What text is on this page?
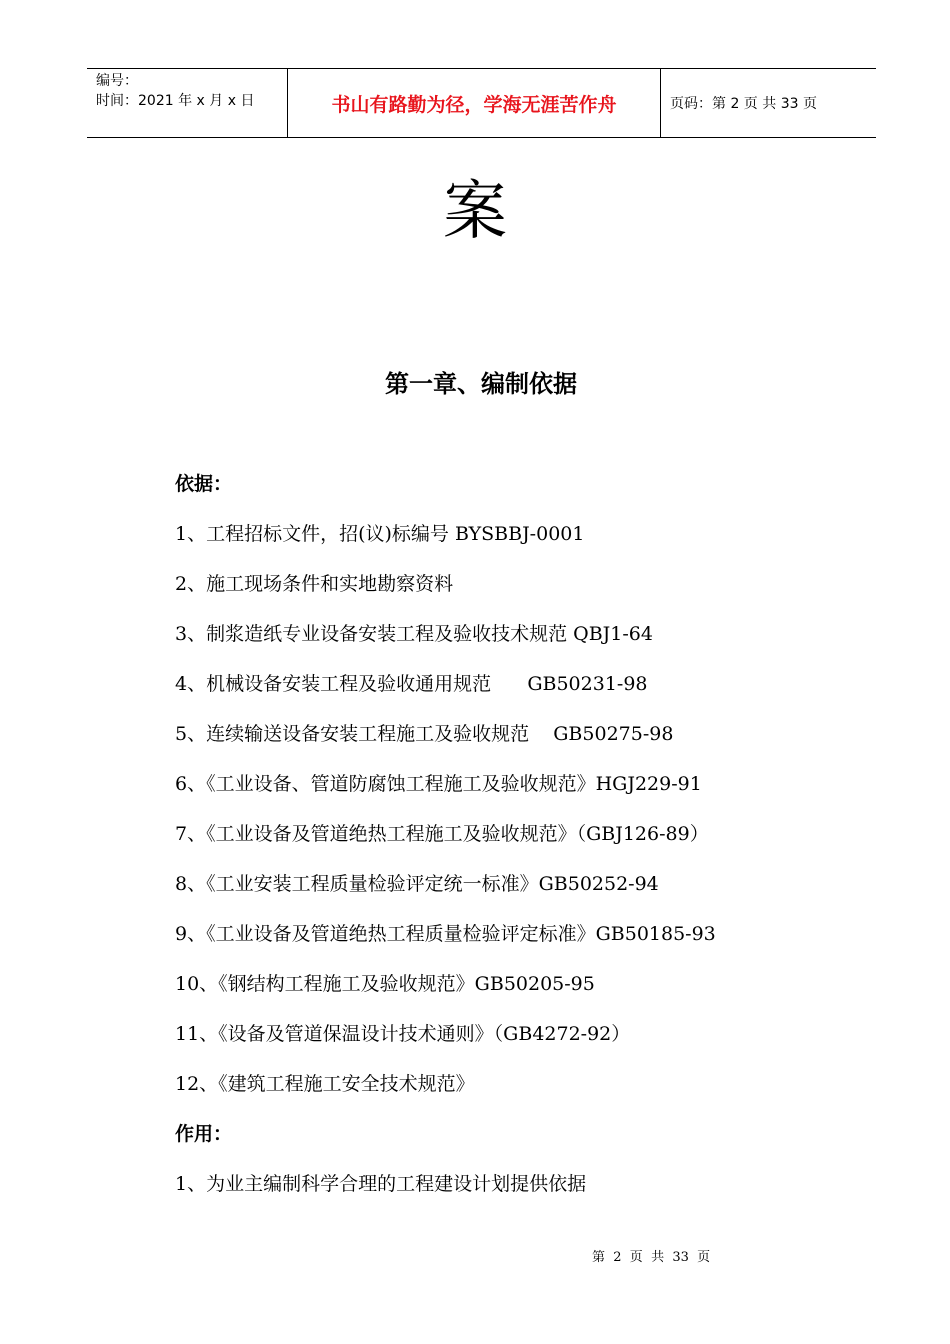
编号：
时间：2021 年 x 月 x 日	书山有路勤为径，学海无涯苦作舟	页码：第 2 页 共 33 页
案
第一章、编制依据
依据：
1、工程招标文件，招(议)标编号 BYSBBJ-0001
2、施工现场条件和实地勘察资料
3、制浆造纸专业设备安装工程及验收技术规范 QBJ1-64
4、机械设备安装工程及验收通用规范      GB50231-98
5、连续输送设备安装工程施工及验收规范    GB50275-98
6、《工业设备、管道防腐蚀工程施工及验收规范》HGJ229-91
7、《工业设备及管道绝热工程施工及验收规范》（GBJ126-89）
8、《工业安装工程质量检验评定统一标准》GB50252-94
9、《工业设备及管道绝热工程质量检验评定标准》GB50185-93
10、《钢结构工程施工及验收规范》GB50205-95
11、《设备及管道保温设计技术通则》（GB4272-92）
12、《建筑工程施工安全技术规范》
作用：
1、为业主编制科学合理的工程建设计划提供依据
第  2  页  共  33  页
